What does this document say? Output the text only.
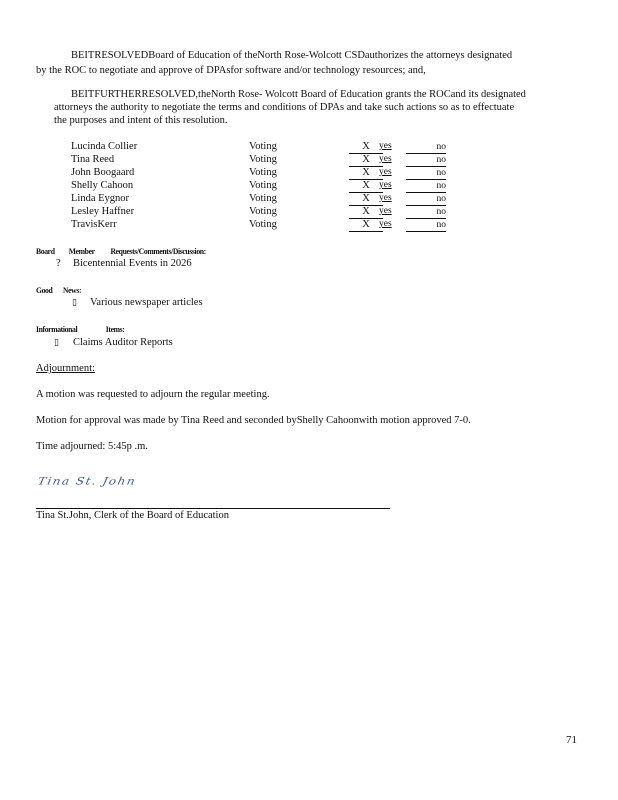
BEITRESOLVEDBoard of Education of theNorth Rose-Wolcott CSDauthorizes the attorneys designated
by the ROC to negotiate and approve of DPAsfor software and/or technology resources; and,
BEITFURTHERRESOLVED,theNorth Rose- Wolcott Board of Education grants the ROCand its designated
attorneys the authority to negotiate the terms and conditions of DPAs and take such actions so as to effectuate
the purposes and intent of this resolution.
Lucinda Collier	Voting	X yes	no
Tina Reed	Voting	X yes	no
John Boogaard	Voting	X yes	no
Shelly Cahoon	Voting	X yes	no
Linda Eygnor	Voting	X yes	no
Lesley Haffner	Voting	X yes	no
TravisKerr	Voting	X yes	no
Board Member Requests/Comments/Discussion:
? Bicentennial Events in 2026
Good News:
▯ Various newspaper articles
Informational	Items:
▯ Claims Auditor Reports
Adjournment:
A motion was requested to adjourn the regular meeting.
Motion for approval was made by Tina Reed and seconded byShelly Cahoonwith motion approved 7-0.
Time adjourned: 5:45p .m.
Tina St. John
Tina St.John, Clerk of the Board of Education
71
